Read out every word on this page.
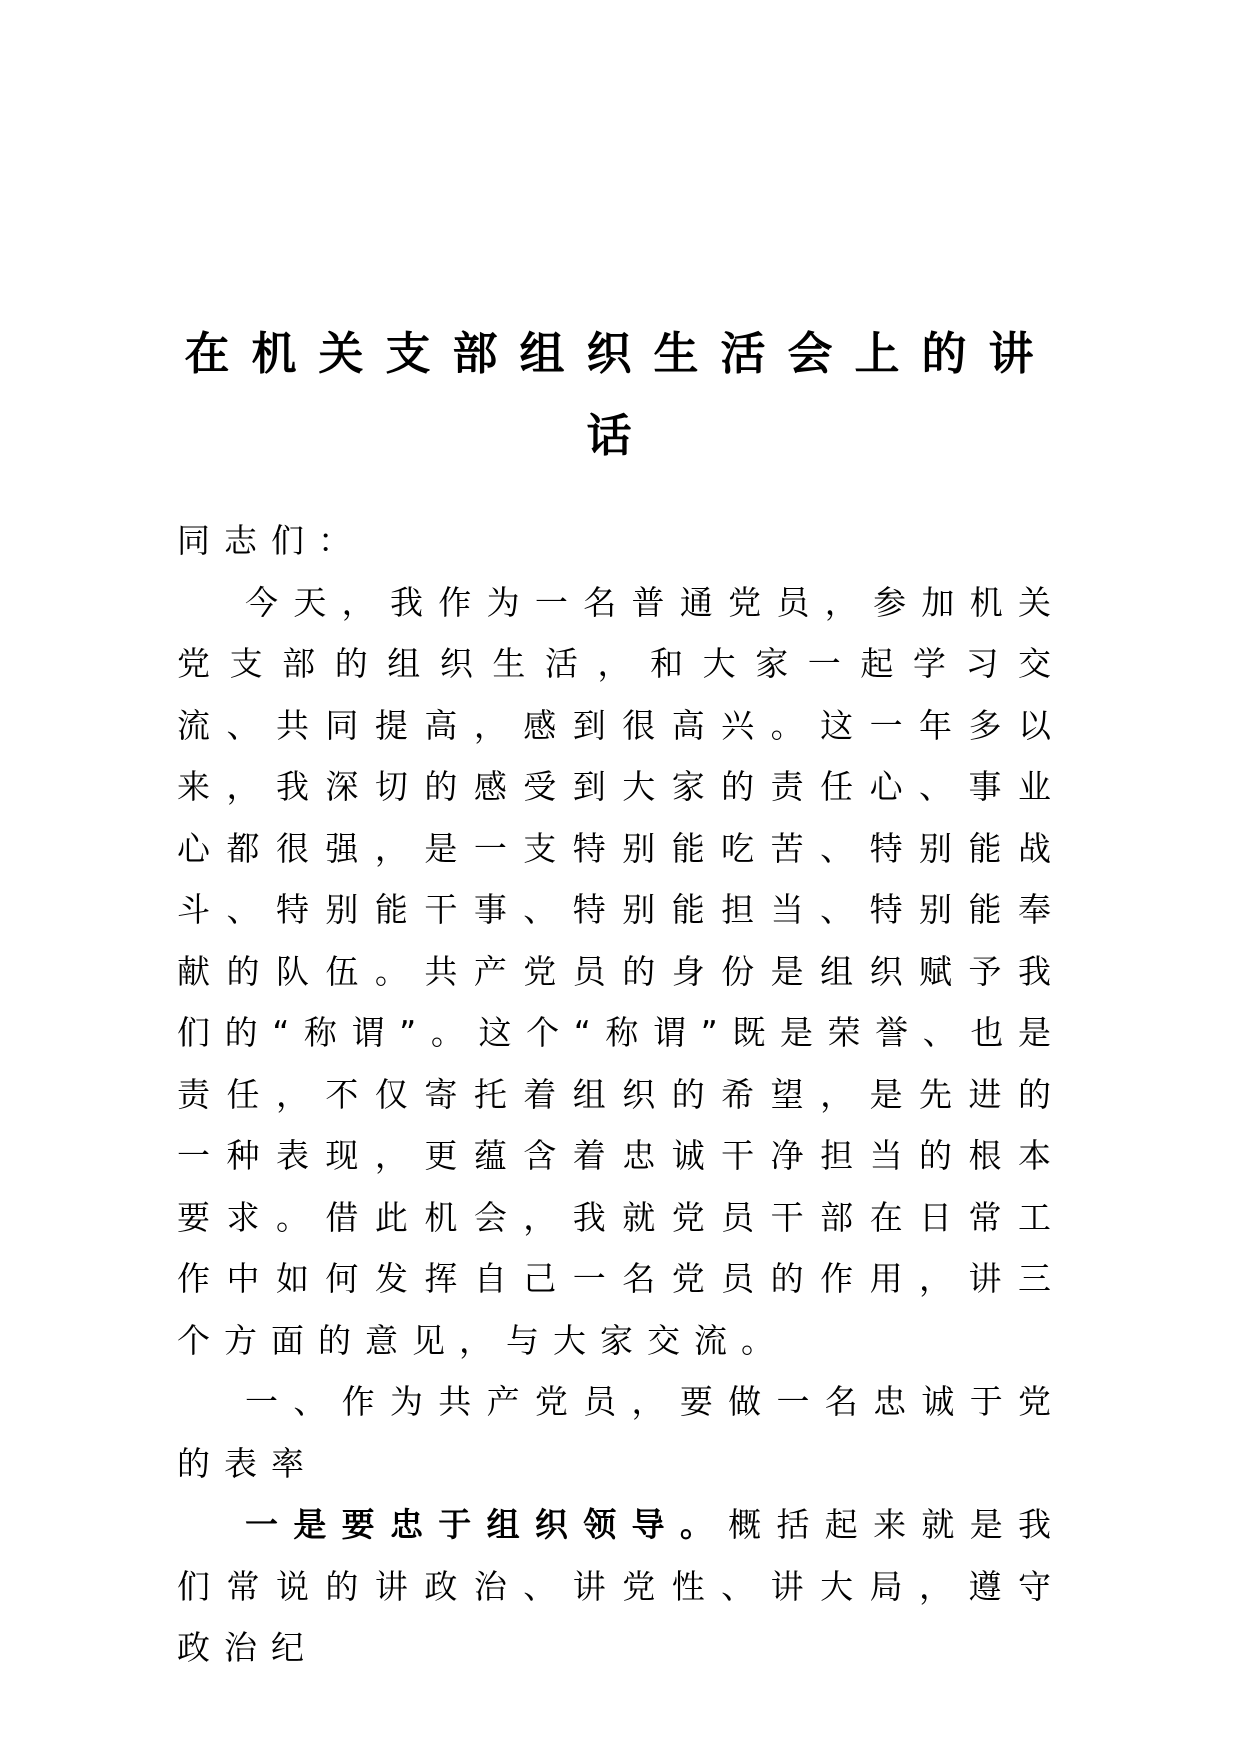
在机关支部组织生活会上的讲话

同志们：

今天，我作为一名普通党员，参加机关党支部的组织生活，和大家一起学习交流、共同提高，感到很高兴。这一年多以来，我深切的感受到大家的责任心、事业心都很强，是一支特别能吃苦、特别能战斗、特别能干事、特别能担当、特别能奉献的队伍。共产党员的身份是组织赋予我们的“称谓”。这个“称谓”既是荣誉、也是责任，不仅寄托着组织的希望，是先进的一种表现，更蕴含着忠诚干净担当的根本要求。借此机会，我就党员干部在日常工作中如何发挥自己一名党员的作用，讲三个方面的意见，与大家交流。

一、作为共产党员，要做一名忠诚于党的表率

一是要忠于组织领导。概括起来就是我们常说的讲政治、讲党性、讲大局，遵守政治纪
